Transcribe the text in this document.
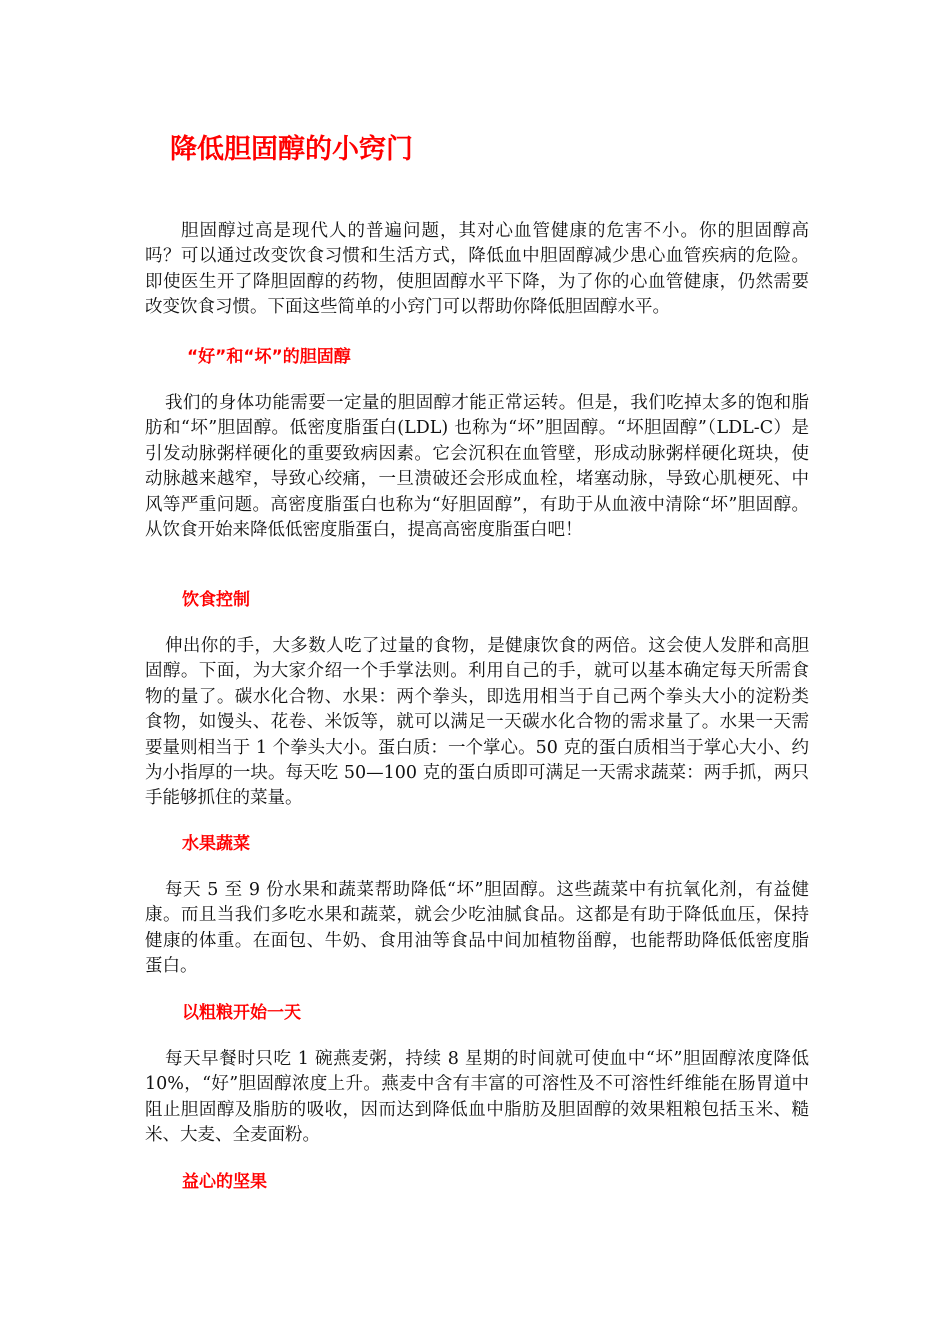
降低胆固醇的小窍门

胆固醇过高是现代人的普遍问题，其对心血管健康的危害不小。你的胆固醇高吗？可以通过改变饮食习惯和生活方式，降低血中胆固醇减少患心血管疾病的危险。即使医生开了降胆固醇的药物，使胆固醇水平下降，为了你的心血管健康，仍然需要改变饮食习惯。下面这些简单的小窍门可以帮助你降低胆固醇水平。

“好”和“坏”的胆固醇

我们的身体功能需要一定量的胆固醇才能正常运转。但是，我们吃掉太多的饱和脂肪和“坏”胆固醇。低密度脂蛋白(LDL) 也称为“坏”胆固醇。“坏胆固醇”（LDL-C）是引发动脉粥样硬化的重要致病因素。它会沉积在血管壁，形成动脉粥样硬化斑块，使动脉越来越窄，导致心绞痛，一旦溃破还会形成血栓，堵塞动脉，导致心肌梗死、中风等严重问题。高密度脂蛋白也称为“好胆固醇”，有助于从血液中清除“坏”胆固醇。从饮食开始来降低低密度脂蛋白，提高高密度脂蛋白吧！

饮食控制

伸出你的手，大多数人吃了过量的食物，是健康饮食的两倍。这会使人发胖和高胆固醇。下面，为大家介绍一个手掌法则。利用自己的手，就可以基本确定每天所需食物的量了。碳水化合物、水果：两个拳头，即选用相当于自己两个拳头大小的淀粉类食物，如馒头、花卷、米饭等，就可以满足一天碳水化合物的需求量了。水果一天需要量则相当于 1 个拳头大小。蛋白质：一个掌心。50 克的蛋白质相当于掌心大小、约为小指厚的一块。每天吃 50—100 克的蛋白质即可满足一天需求蔬菜：两手抓，两只手能够抓住的菜量。

水果蔬菜

每天 5 至 9 份水果和蔬菜帮助降低“坏”胆固醇。这些蔬菜中有抗氧化剂，有益健康。而且当我们多吃水果和蔬菜，就会少吃油腻食品。这都是有助于降低血压，保持健康的体重。在面包、牛奶、食用油等食品中间加植物甾醇，也能帮助降低低密度脂蛋白。

以粗粮开始一天

每天早餐时只吃 1 碗燕麦粥，持续 8 星期的时间就可使血中“坏”胆固醇浓度降低 10%，“好”胆固醇浓度上升。燕麦中含有丰富的可溶性及不可溶性纤维能在肠胃道中阻止胆固醇及脂肪的吸收，因而达到降低血中脂肪及胆固醇的效果粗粮包括玉米、糙米、大麦、全麦面粉。

益心的坚果
